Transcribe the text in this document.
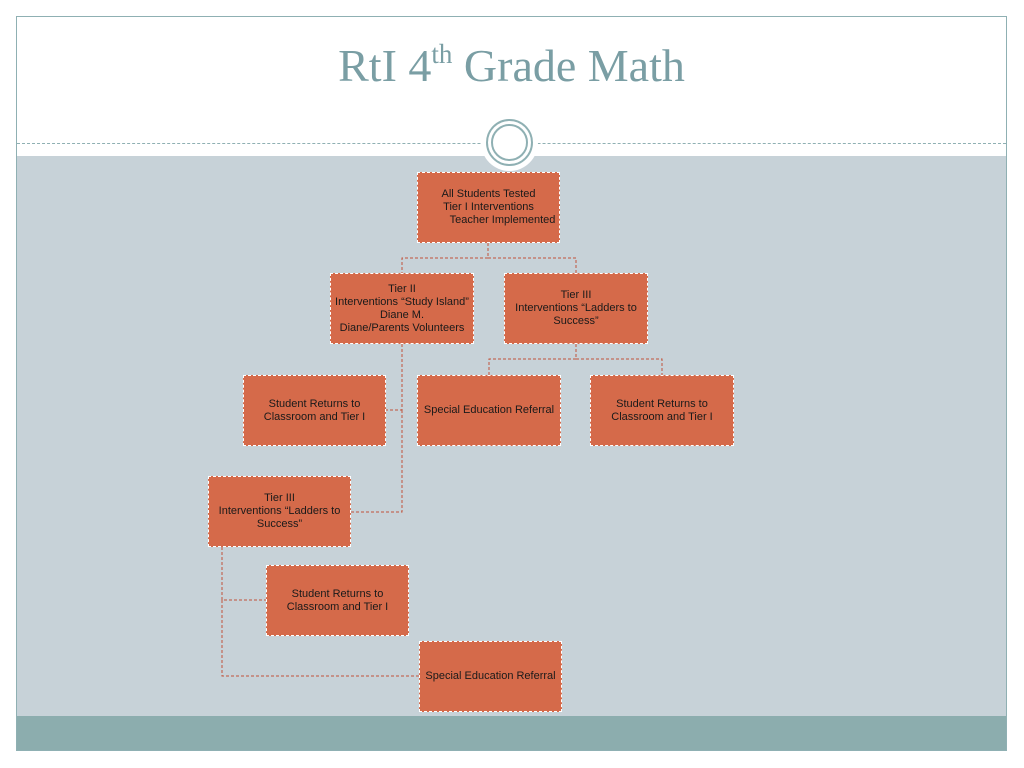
RtI 4th Grade Math
All Students Tested
Tier I Interventions
Teacher Implemented
Tier II
Interventions “Study Island”
Diane M.
Diane/Parents Volunteers
Tier III
Interventions “Ladders to
Success”
Student Returns to
Classroom and Tier I
Special Education Referral
Student Returns to
Classroom and Tier I
Tier III
Interventions “Ladders to
Success”
Student Returns to
Classroom and Tier I
Special Education Referral
